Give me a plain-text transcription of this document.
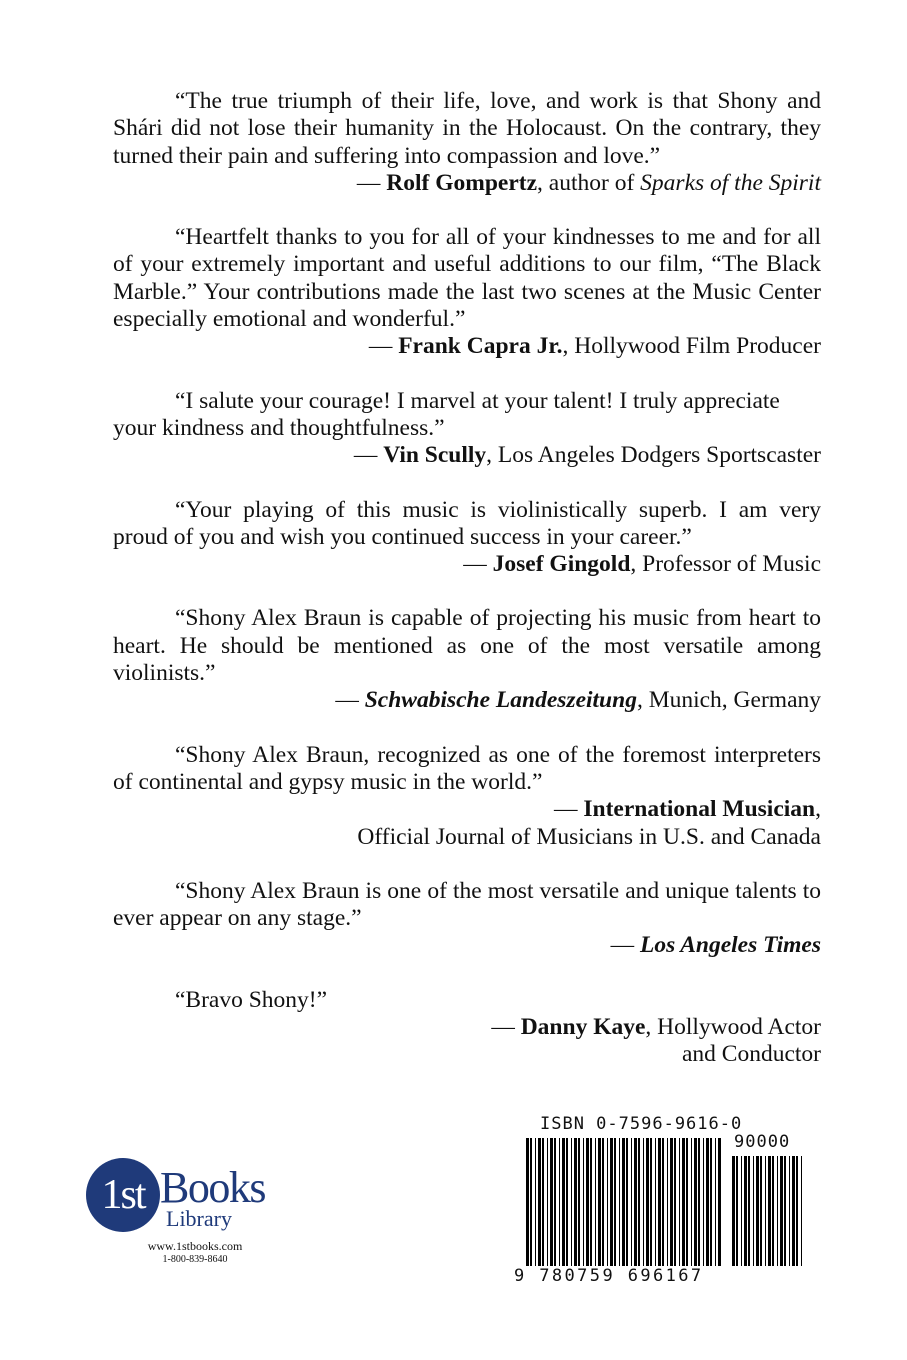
“The true triumph of their life, love, and work is that Shony and Shári did not lose their humanity in the Holocaust. On the contrary, they turned their pain and suffering into compassion and love.”

— Rolf Gompertz, author of Sparks of the Spirit

“Heartfelt thanks to you for all of your kindnesses to me and for all of your extremely important and useful additions to our film, “The Black Marble.” Your contributions made the last two scenes at the Music Center especially emotional and wonderful.”

— Frank Capra Jr., Hollywood Film Producer

“I salute your courage! I marvel at your talent! I truly appreciate your kindness and thoughtfulness.”

— Vin Scully, Los Angeles Dodgers Sportscaster

“Your playing of this music is violinistically superb. I am very proud of you and wish you continued success in your career.”

— Josef Gingold, Professor of Music

“Shony Alex Braun is capable of projecting his music from heart to heart. He should be mentioned as one of the most versatile among violinists.”

— Schwabische Landeszeitung, Munich, Germany

“Shony Alex Braun, recognized as one of the foremost interpreters of continental and gypsy music in the world.”

— International Musician,

Official Journal of Musicians in U.S. and Canada

“Shony Alex Braun is one of the most versatile and unique talents to ever appear on any stage.”

— Los Angeles Times

“Bravo Shony!”

— Danny Kaye, Hollywood Actor

and Conductor

1st Books
Library
www.1stbooks.com
1-800-839-8640
ISBN 0-7596-9616-0
90000
9 780759 696167
